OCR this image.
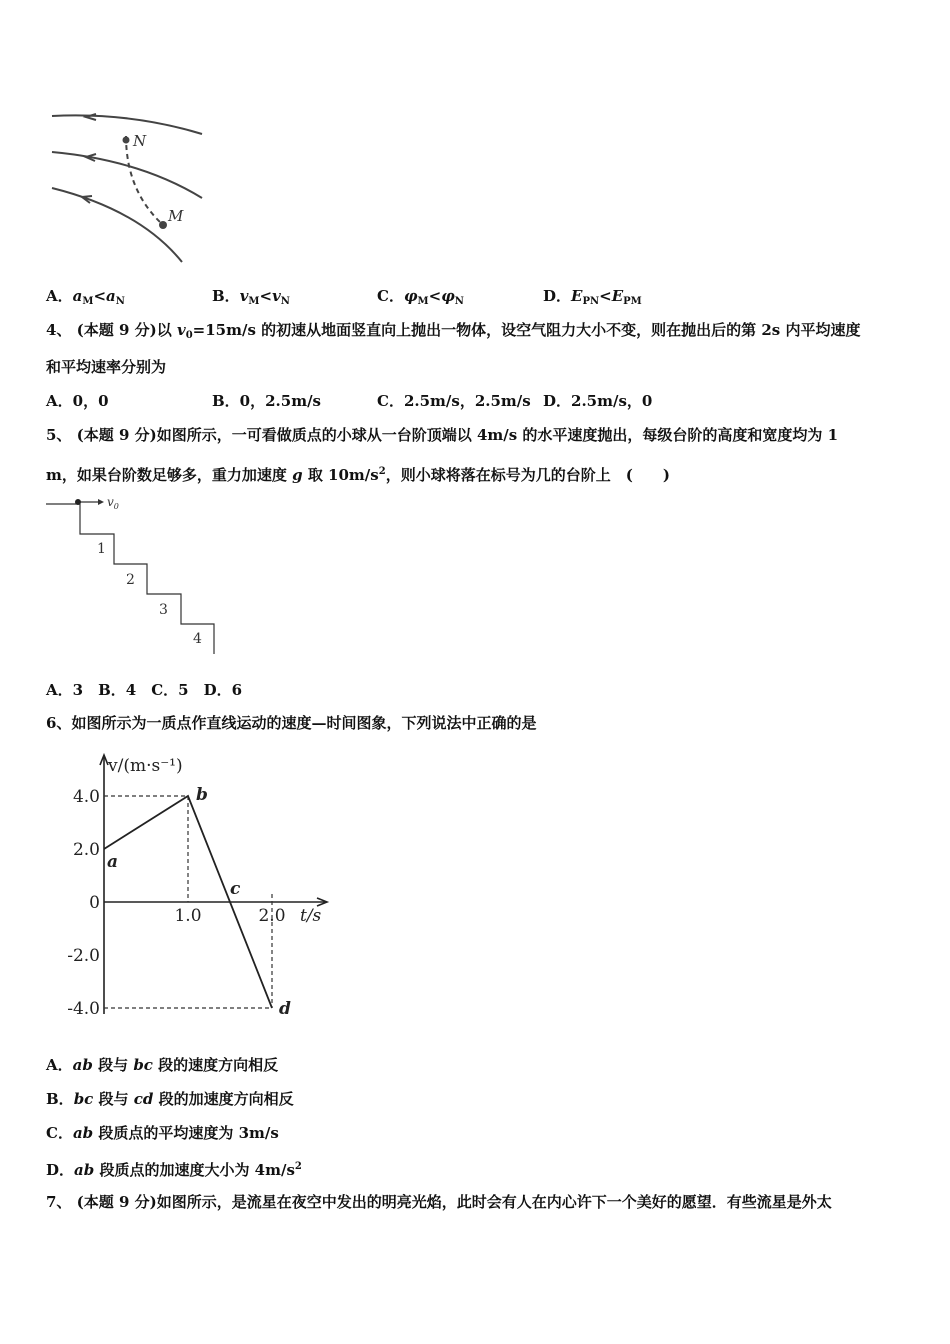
N
M
A．$a_M<a_N$	B．$v_M<v_N$	C．$\varphi_M<\varphi_N$	D．$E_{PN}<E_{PM}$
4、 (本题 9 分)以 $v_0=15m/s$ 的初速从地面竖直向上抛出一物体，设空气阻力大小不变，则在抛出后的第 2s 内平均速度
和平均速率分别为
A．0，0	B．0，2.5m/s	C．2.5m/s，2.5m/s D．2.5m/s，0
5、 (本题 9 分)如图所示，一可看做质点的小球从一台阶顶端以 4m/s 的水平速度抛出，每级台阶的高度和宽度均为 1
m，如果台阶数足够多，重力加速度 g 取 $10m/s^2$，则小球将落在标号为几的台阶上　 (　　)
$v_0$
1
2
3
4
A．3　B．4　C．5　D．6
6、如图所示为一质点作直线运动的速度—时间图象，下列说法中正确的是
v/(m·s⁻¹)
t/s
4.0
2.0
0
-2.0
-4.0
1.0	2.0
a
b
c
d
A．ab 段与 bc 段的速度方向相反
B．bc 段与 cd 段的加速度方向相反
C．ab 段质点的平均速度为 3m/s
D．ab 段质点的加速度大小为 $4m/s^2$
7、 (本题 9 分)如图所示，是流星在夜空中发出的明亮光焰，此时会有人在内心许下一个美好的愿望．有些流星是外太
